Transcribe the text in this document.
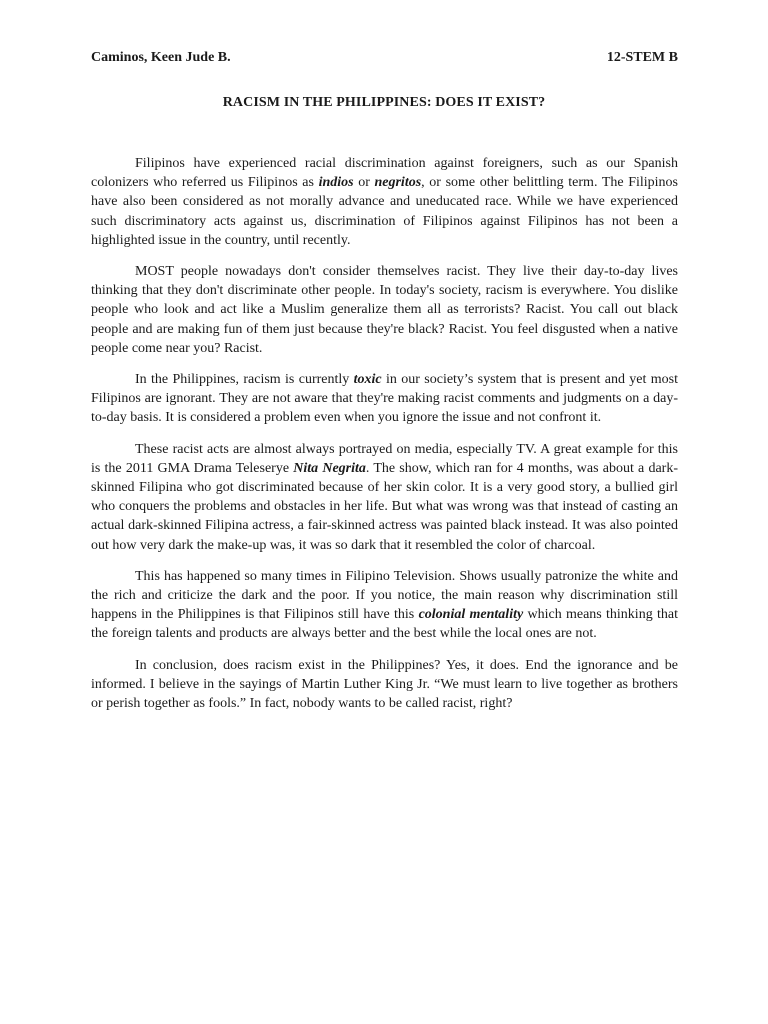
Caminos, Keen Jude B.	12-STEM B
RACISM IN THE PHILIPPINES: DOES IT EXIST?

Filipinos have experienced racial discrimination against foreigners, such as our Spanish colonizers who referred us Filipinos as indios or negritos, or some other belittling term. The Filipinos have also been considered as not morally advance and uneducated race. While we have experienced such discriminatory acts against us, discrimination of Filipinos against Filipinos has not been a highlighted issue in the country, until recently.

MOST people nowadays don't consider themselves racist. They live their day-to-day lives thinking that they don't discriminate other people. In today's society, racism is everywhere. You dislike people who look and act like a Muslim generalize them all as terrorists? Racist. You call out black people and are making fun of them just because they're black? Racist. You feel disgusted when a native people come near you? Racist.

In the Philippines, racism is currently toxic in our society’s system that is present and yet most Filipinos are ignorant. They are not aware that they're making racist comments and judgments on a day-to-day basis. It is considered a problem even when you ignore the issue and not confront it.

These racist acts are almost always portrayed on media, especially TV. A great example for this is the 2011 GMA Drama Teleserye Nita Negrita. The show, which ran for 4 months, was about a dark-skinned Filipina who got discriminated because of her skin color. It is a very good story, a bullied girl who conquers the problems and obstacles in her life. But what was wrong was that instead of casting an actual dark-skinned Filipina actress, a fair-skinned actress was painted black instead. It was also pointed out how very dark the make-up was, it was so dark that it resembled the color of charcoal.

This has happened so many times in Filipino Television. Shows usually patronize the white and the rich and criticize the dark and the poor. If you notice, the main reason why discrimination still happens in the Philippines is that Filipinos still have this colonial mentality which means thinking that the foreign talents and products are always better and the best while the local ones are not.

In conclusion, does racism exist in the Philippines? Yes, it does. End the ignorance and be informed. I believe in the sayings of Martin Luther King Jr. “We must learn to live together as brothers or perish together as fools.” In fact, nobody wants to be called racist, right?
